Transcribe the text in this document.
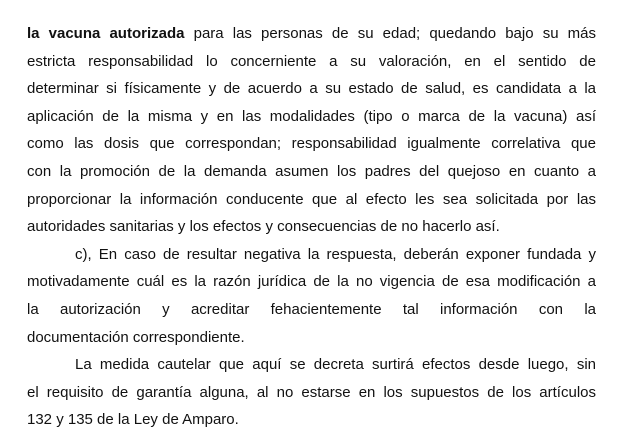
la vacuna autorizada para las personas de su edad; quedando bajo su más
estricta responsabilidad lo concerniente a su valoración, en el sentido de
determinar si físicamente y de acuerdo a su estado de salud, es candidata a la
aplicación de la misma y en las modalidades (tipo o marca de la vacuna) así
como las dosis que correspondan; responsabilidad igualmente correlativa que
con la promoción de la demanda asumen los padres del quejoso en cuanto a
proporcionar la información conducente que al efecto les sea solicitada por las
autoridades sanitarias y los efectos y consecuencias de no hacerlo así.
c), En caso de resultar negativa la respuesta, deberán exponer fundada y
motivadamente cuál es la razón jurídica de la no vigencia de esa modificación a
la autorización y acreditar fehacientemente tal información con la
documentación correspondiente.
La medida cautelar que aquí se decreta surtirá efectos desde luego, sin
el requisito de garantía alguna, al no estarse en los supuestos de los artículos
132 y 135 de la Ley de Amparo.
